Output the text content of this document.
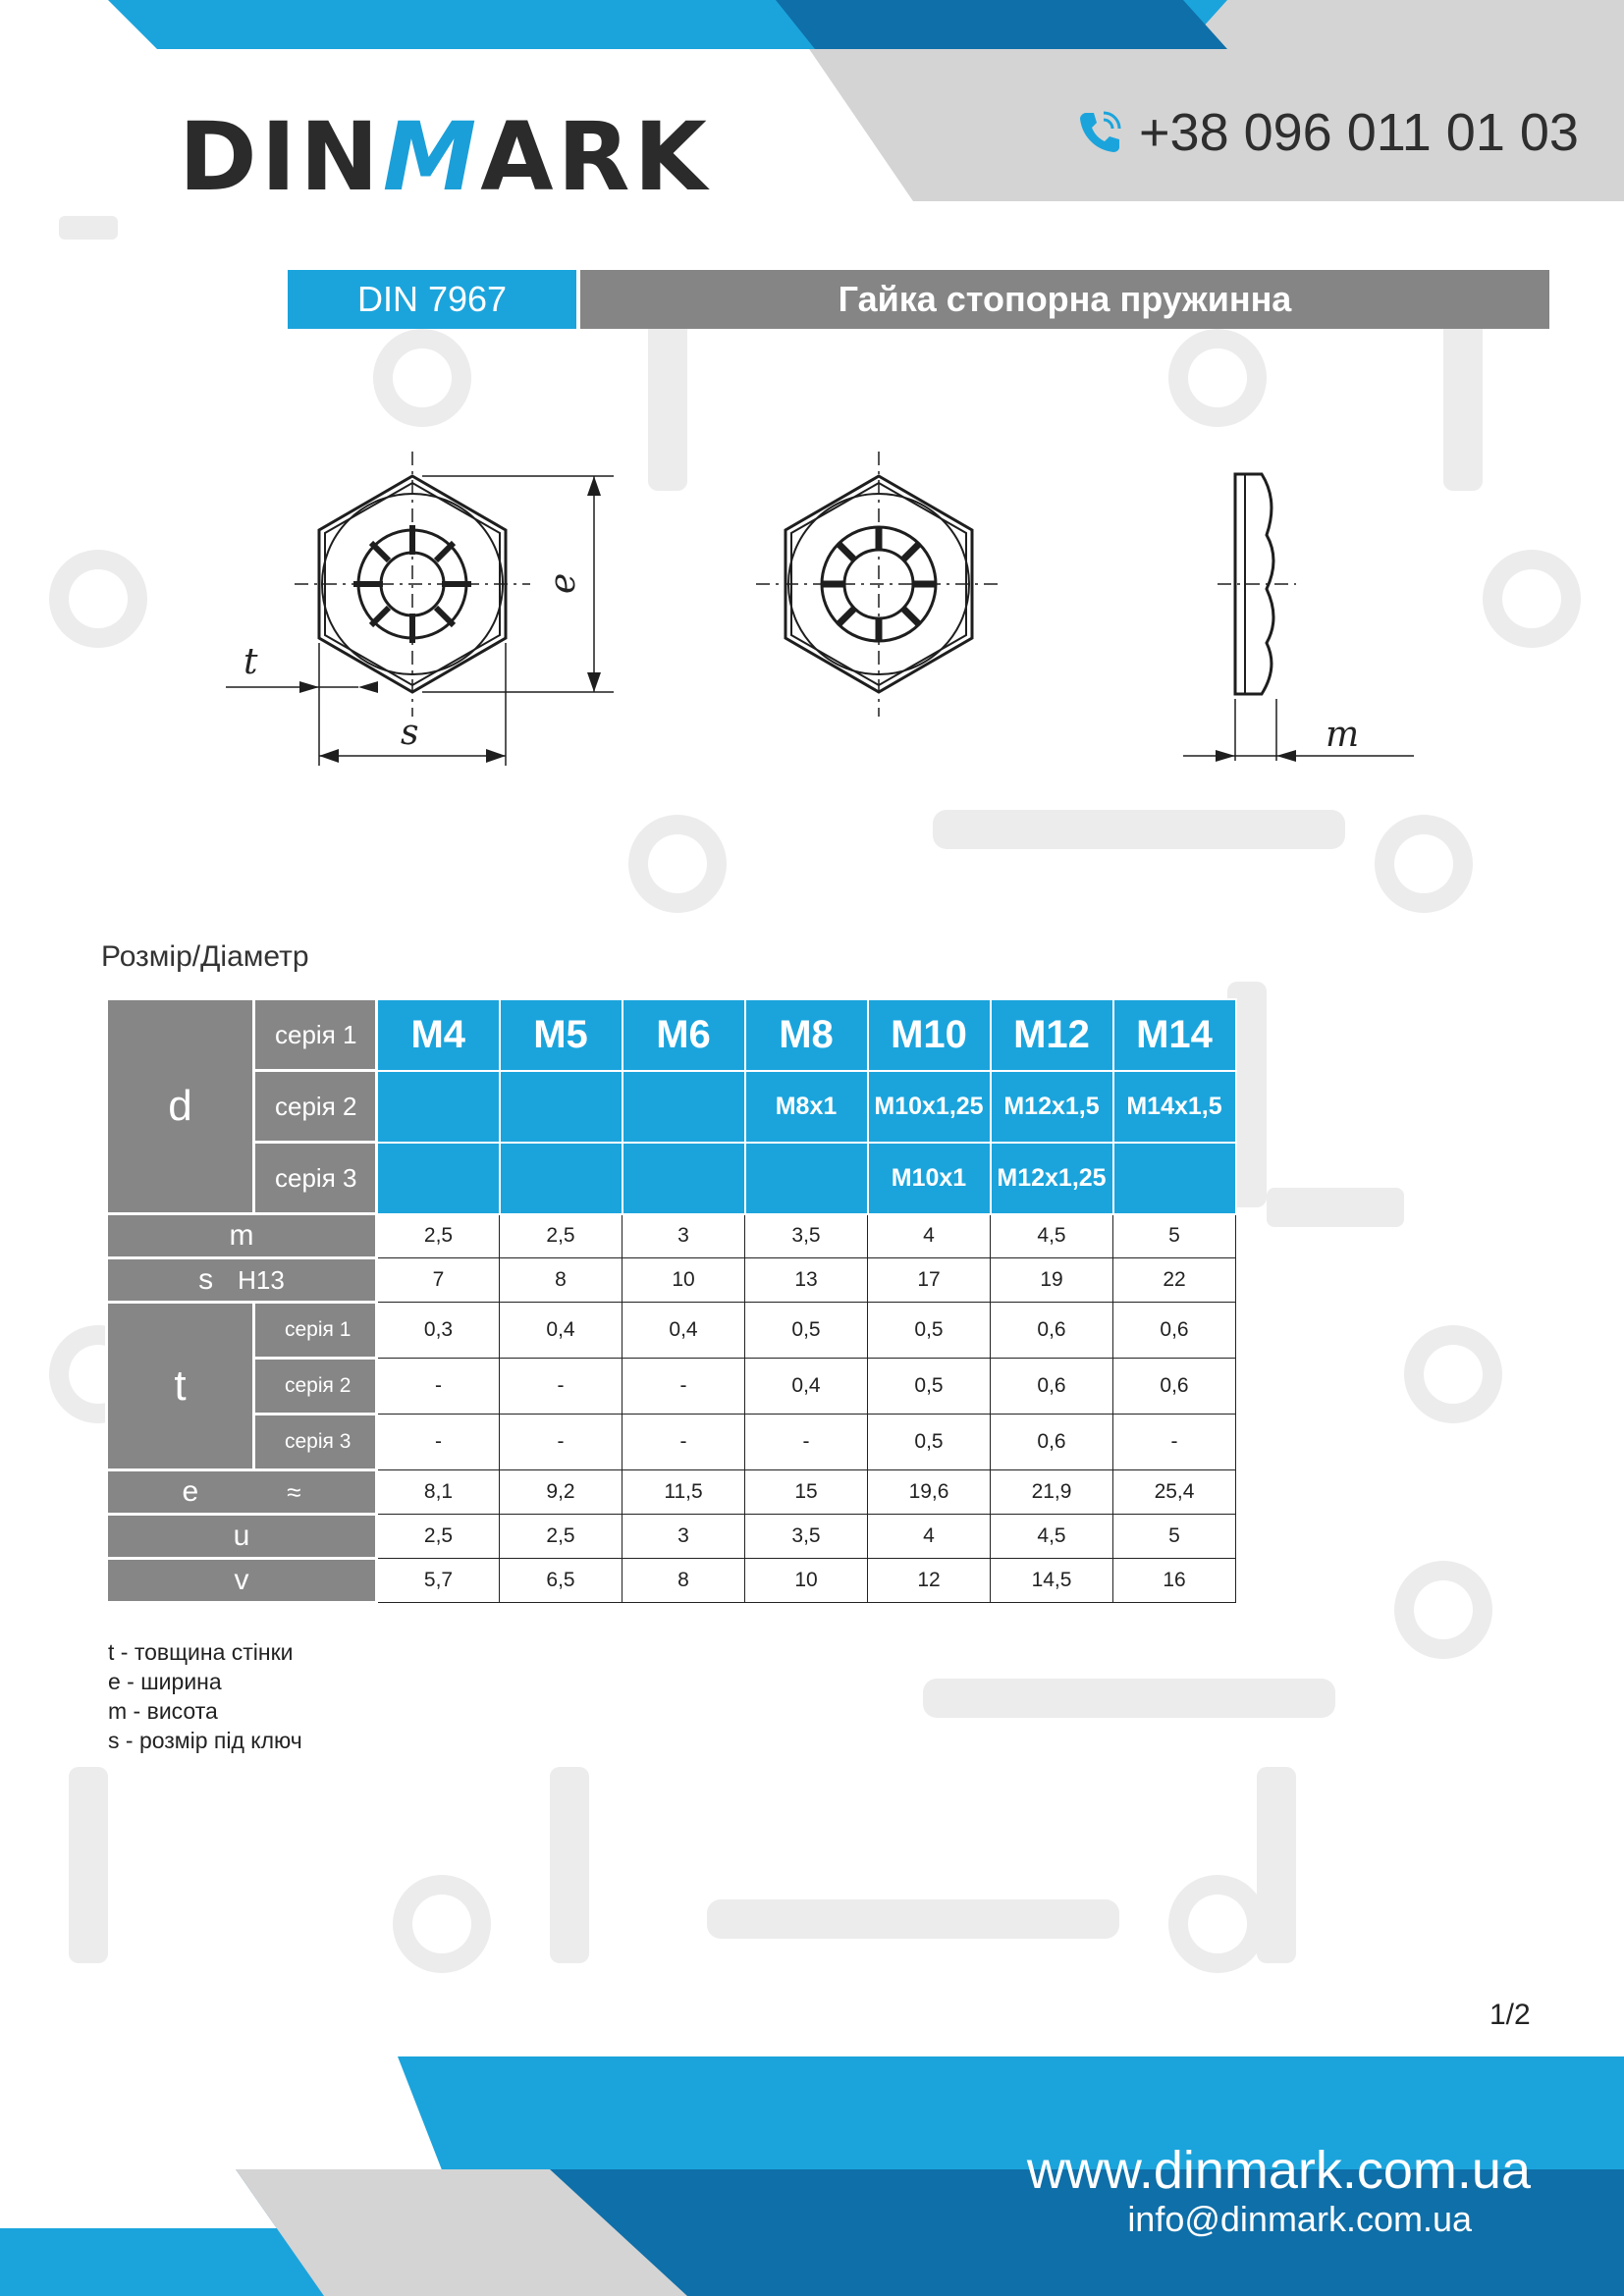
DINMARK	+38 096 011 01 03
DIN 7967	Гайка стопорна пружинна
t
s
e
m
Розмір/Діаметр
d	серія 1	M4	M5	M6	M8	M10	M12	M14
	серія 2				M8x1	M10x1,25	M12x1,5	M14x1,5
	серія 3					M10x1	M12x1,25	
m		2,5	2,5	3	3,5	4	4,5	5
s H13		7	8	10	13	17	19	22
t	серія 1	0,3	0,4	0,4	0,5	0,5	0,6	0,6
	серія 2	-	-	-	0,4	0,5	0,6	0,6
	серія 3	-	-	-	-	0,5	0,6	-
e ≈		8,1	9,2	11,5	15	19,6	21,9	25,4
u		2,5	2,5	3	3,5	4	4,5	5
v		5,7	6,5	8	10	12	14,5	16
t - товщина стінки
e - ширина
m - висота
s - розмір під ключ
1/2
www.dinmark.com.ua
info@dinmark.com.ua
